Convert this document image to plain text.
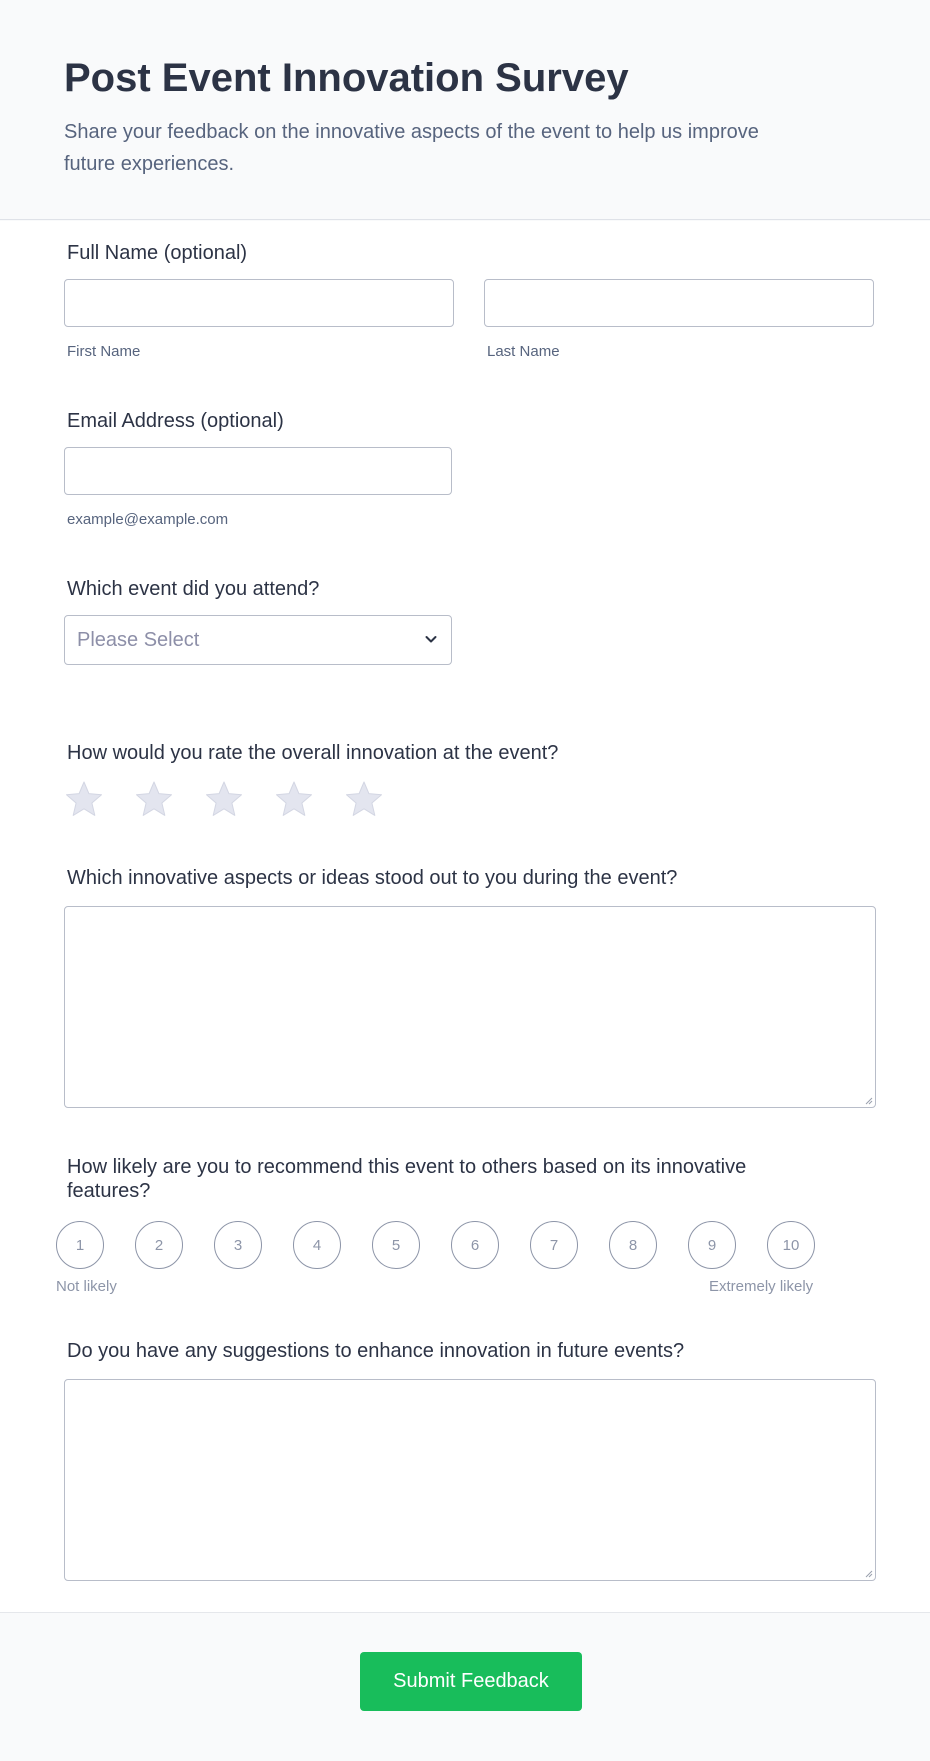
Post Event Innovation Survey

Share your feedback on the innovative aspects of the event to help us improve future experiences.

Full Name (optional)
First Name	Last Name
Email Address (optional)
example@example.com
Which event did you attend?
Please Select
How would you rate the overall innovation at the event?
Which innovative aspects or ideas stood out to you during the event?
How likely are you to recommend this event to others based on its innovative features?
Not likely	Extremely likely
1	2	3	4	5	6	7	8	9	10
Do you have any suggestions to enhance innovation in future events?
Submit Feedback
